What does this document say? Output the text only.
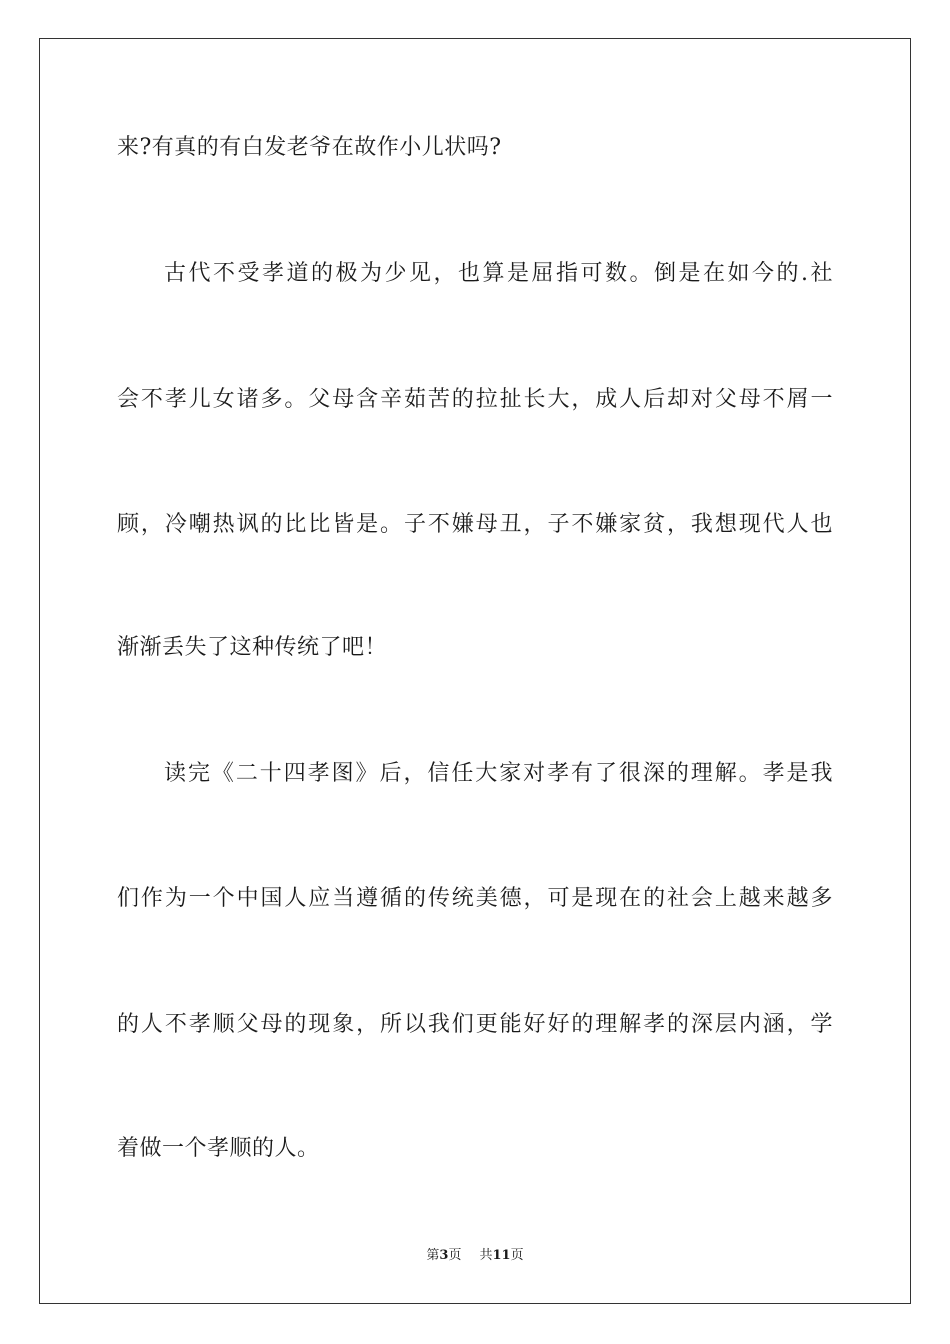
来?有真的有白发老爷在故作小儿状吗?
古代不受孝道的极为少见，也算是屈指可数。倒是在如今的.社
会不孝儿女诸多。父母含辛茹苦的拉扯长大，成人后却对父母不屑一
顾，冷嘲热讽的比比皆是。子不嫌母丑，子不嫌家贫，我想现代人也
渐渐丢失了这种传统了吧！
读完《二十四孝图》后，信任大家对孝有了很深的理解。孝是我
们作为一个中国人应当遵循的传统美德，可是现在的社会上越来越多
的人不孝顺父母的现象，所以我们更能好好的理解孝的深层内涵，学
着做一个孝顺的人。
第3页 共11页
